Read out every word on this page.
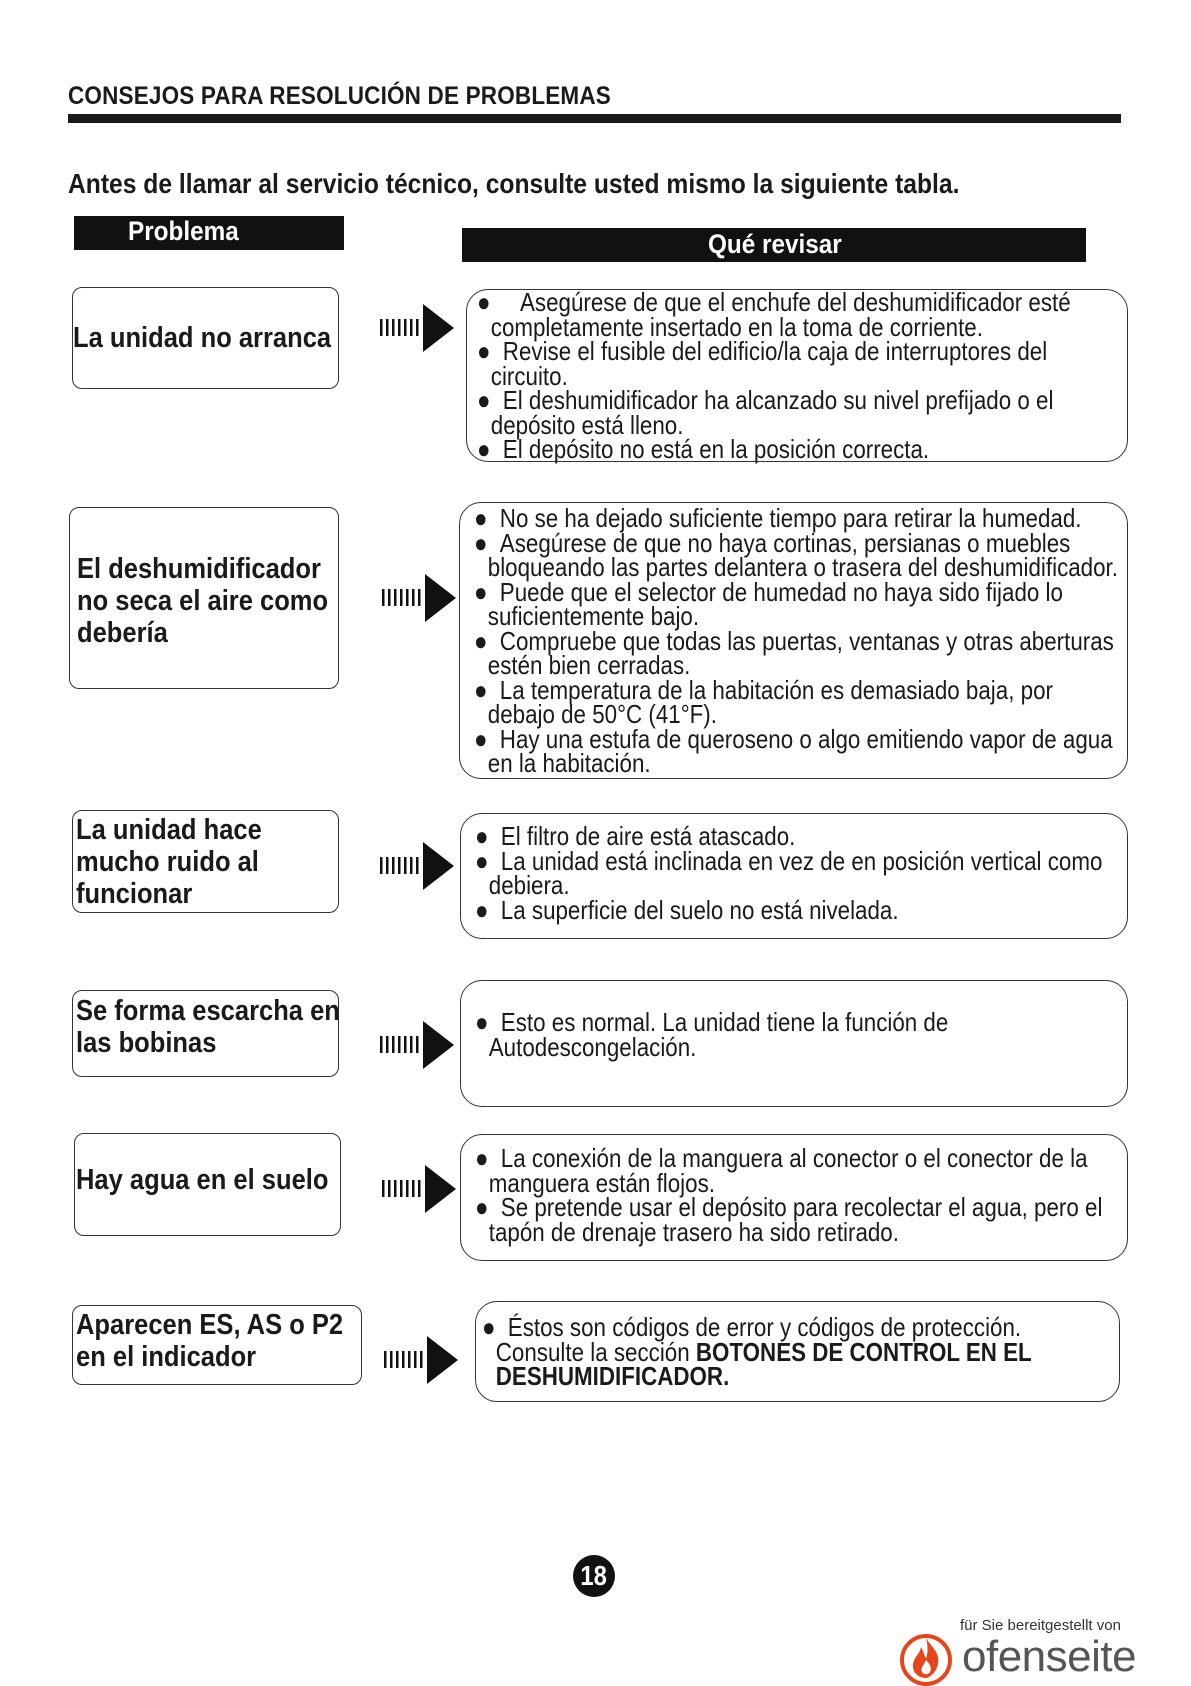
CONSEJOS PARA RESOLUCIÓN DE PROBLEMAS
Antes de llamar al servicio técnico, consulte usted mismo la siguiente tabla.
Problema	Qué revisar
La unidad no arranca
● Asegúrese de que el enchufe del deshumidificador esté
completamente insertado en la toma de corriente.
● Revise el fusible del edificio/la caja de interruptores del
circuito.
● El deshumidificador ha alcanzado su nivel prefijado o el
depósito está lleno.
● El depósito no está en la posición correcta.
El deshumidificador
no seca el aire como
debería
● No se ha dejado suficiente tiempo para retirar la humedad.
● Asegúrese de que no haya cortinas, persianas o muebles
bloqueando las partes delantera o trasera del deshumidificador.
● Puede que el selector de humedad no haya sido fijado lo
suficientemente bajo.
● Compruebe que todas las puertas, ventanas y otras aberturas
estén bien cerradas.
● La temperatura de la habitación es demasiado baja, por
debajo de 50°C (41°F).
● Hay una estufa de queroseno o algo emitiendo vapor de agua
en la habitación.
La unidad hace
mucho ruido al
funcionar
● El filtro de aire está atascado.
● La unidad está inclinada en vez de en posición vertical como
debiera.
● La superficie del suelo no está nivelada.
Se forma escarcha en
las bobinas
● Esto es normal. La unidad tiene la función de
Autodescongelación.
Hay agua en el suelo
● La conexión de la manguera al conector o el conector de la
manguera están flojos.
● Se pretende usar el depósito para recolectar el agua, pero el
tapón de drenaje trasero ha sido retirado.
Aparecen ES, AS o P2
en el indicador
● Éstos son códigos de error y códigos de protección.
Consulte la sección BOTONES DE CONTROL EN EL
DESHUMIDIFICADOR.
18
für Sie bereitgestellt von
ofenseite
